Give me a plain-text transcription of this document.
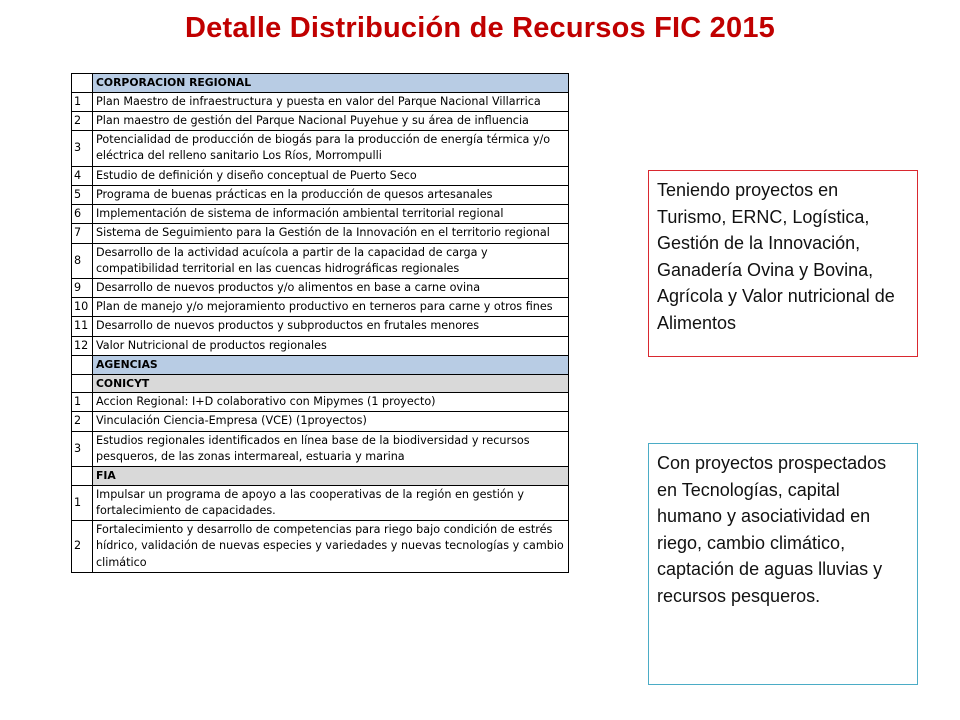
Detalle Distribución de Recursos FIC 2015
	CORPORACION REGIONAL
1	Plan Maestro de infraestructura y puesta en valor del Parque Nacional Villarrica
2	Plan maestro de gestión del Parque Nacional Puyehue y su área de influencia
3	Potencialidad de producción de biogás para la producción de energía térmica y/o eléctrica del relleno sanitario Los Ríos, Morrompulli
4	Estudio de definición y diseño conceptual de Puerto Seco
5	Programa de buenas prácticas en la producción de quesos artesanales
6	Implementación de sistema de información ambiental territorial regional
7	Sistema de Seguimiento para la Gestión de la Innovación en el territorio regional
8	Desarrollo de la actividad acuícola a partir de la capacidad de carga y compatibilidad territorial en las cuencas hidrográficas regionales
9	Desarrollo de nuevos productos y/o alimentos en base a carne ovina
10	Plan de manejo y/o mejoramiento productivo en terneros para carne y otros fines
11	Desarrollo de nuevos productos y subproductos en frutales menores
12	Valor Nutricional de productos regionales
	AGENCIAS
	CONICYT
1	Accion Regional: I+D colaborativo con Mipymes (1 proyecto)
2	Vinculación Ciencia-Empresa (VCE) (1proyectos)
3	Estudios regionales identificados en línea base de la biodiversidad y recursos pesqueros, de las zonas intermareal, estuaria y marina
	FIA
1	Impulsar un programa de apoyo a las cooperativas de la región en gestión y fortalecimiento de capacidades.
2	Fortalecimiento y desarrollo de competencias para riego bajo condición de estrés hídrico, validación de nuevas especies y variedades y nuevas tecnologías y cambio climático
Teniendo proyectos en Turismo, ERNC, Logística, Gestión de la Innovación, Ganadería Ovina y Bovina, Agrícola y Valor nutricional de Alimentos
Con proyectos prospectados en Tecnologías, capital humano y asociatividad en riego, cambio climático, captación de aguas lluvias y recursos pesqueros.
